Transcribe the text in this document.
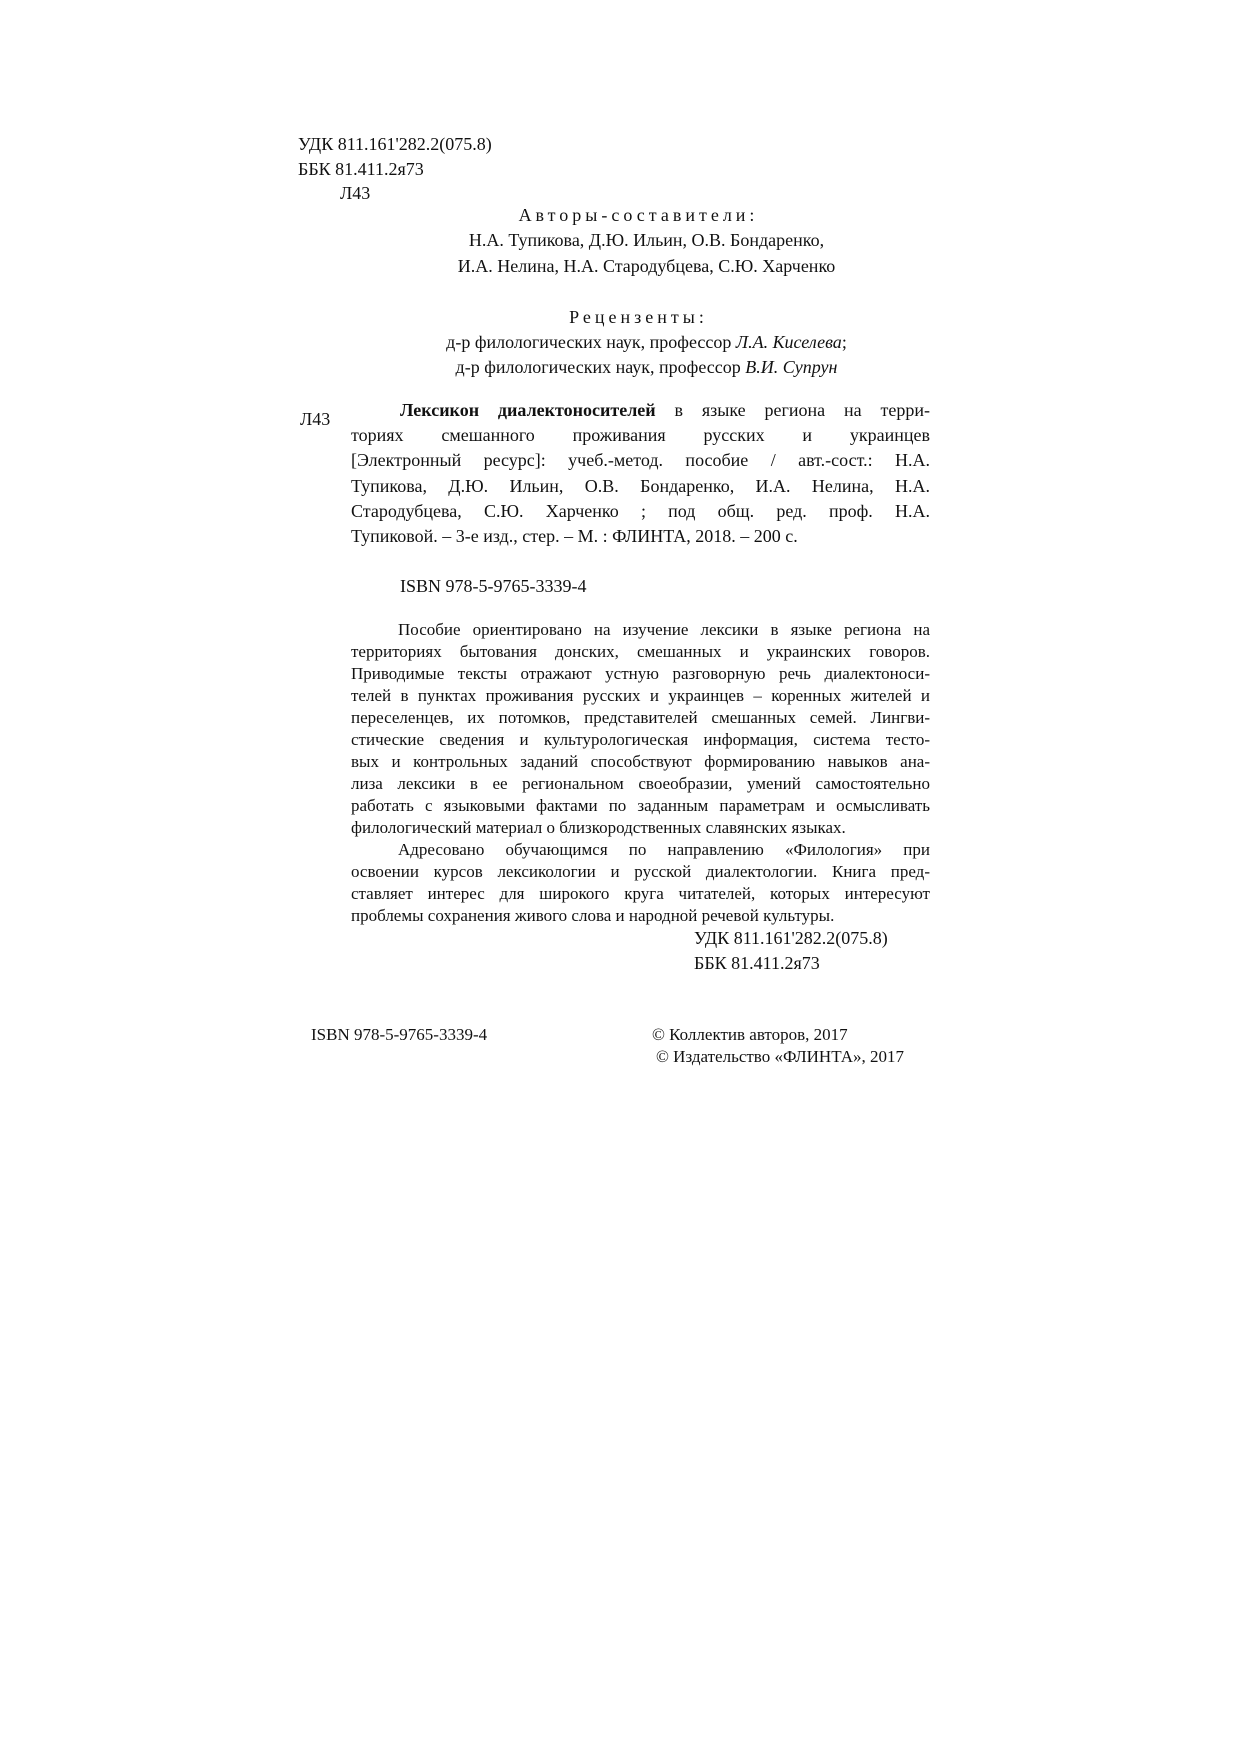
УДК 811.161'282.2(075.8)
ББК 81.411.2я73
Л43
Авторы-составители:
Н.А. Тупикова, Д.Ю. Ильин, О.В. Бондаренко,
И.А. Нелина, Н.А. Стародубцева, С.Ю. Харченко
Рецензенты:
д-р филологических наук, профессор Л.А. Киселева;
д-р филологических наук, профессор В.И. Супрун
Л43	Лексикон диалектоносителей в языке региона на терри-
ториях смешанного проживания русских и украинцев
[Электронный ресурс]: учеб.-метод. пособие / авт.-сост.: Н.А.
Тупикова, Д.Ю. Ильин, О.В. Бондаренко, И.А. Нелина, Н.А.
Стародубцева, С.Ю. Харченко ; под общ. ред. проф. Н.А.
Тупиковой. – 3-е изд., стер. – М. : ФЛИНТА, 2018. – 200 с.
ISBN 978-5-9765-3339-4
Пособие ориентировано на изучение лексики в языке региона на
территориях бытования донских, смешанных и украинских говоров.
Приводимые тексты отражают устную разговорную речь диалектоноси-
телей в пунктах проживания русских и украинцев – коренных жителей и
переселенцев, их потомков, представителей смешанных семей. Лингви-
стические сведения и культурологическая информация, система тесто-
вых и контрольных заданий способствуют формированию навыков ана-
лиза лексики в ее региональном своеобразии, умений самостоятельно
работать с языковыми фактами по заданным параметрам и осмысливать
филологический материал о близкородственных славянских языках.
Адресовано обучающимся по направлению «Филология» при
освоении курсов лексикологии и русской диалектологии. Книга пред-
ставляет интерес для широкого круга читателей, которых интересуют
проблемы сохранения живого слова и народной речевой культуры.
УДК 811.161'282.2(075.8)
ББК 81.411.2я73
ISBN 978-5-9765-3339-4	© Коллектив авторов, 2017
© Издательство «ФЛИНТА», 2017
